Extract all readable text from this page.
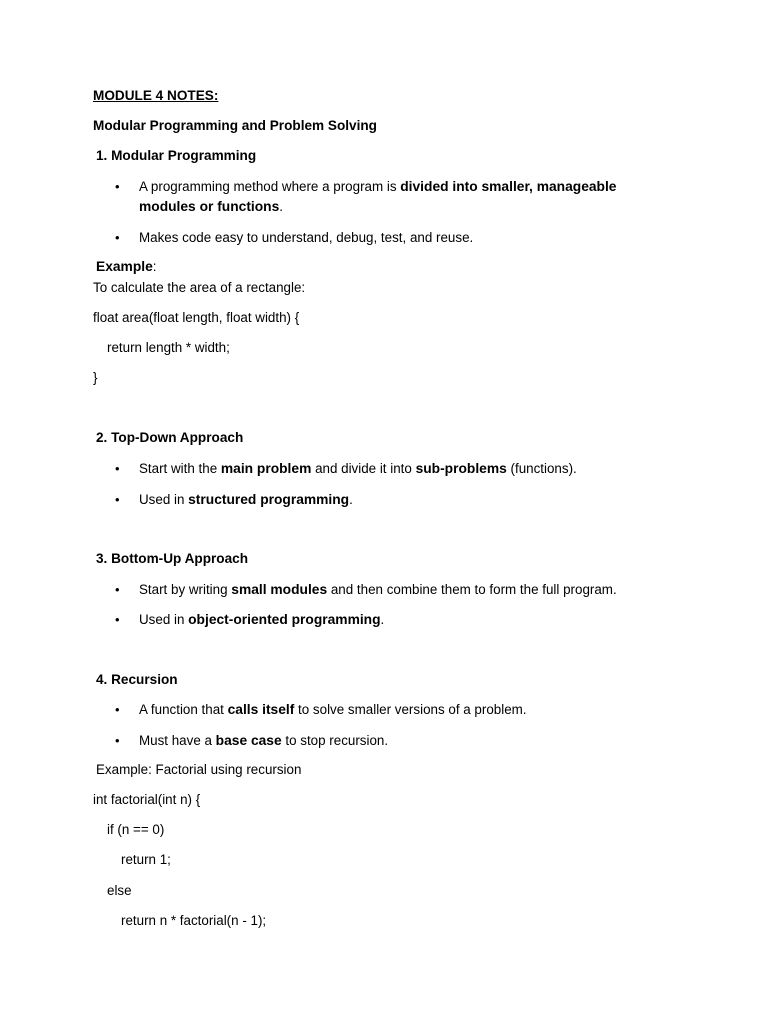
MODULE 4 NOTES:
Modular Programming and Problem Solving
1. Modular Programming
•	A programming method where a program is divided into smaller, manageable modules or functions.
•	Makes code easy to understand, debug, test, and reuse.
Example:
To calculate the area of a rectangle:
float area(float length, float width) {
return length * width;
}
2. Top-Down Approach
•	Start with the main problem and divide it into sub-problems (functions).
•	Used in structured programming.
3. Bottom-Up Approach
•	Start by writing small modules and then combine them to form the full program.
•	Used in object-oriented programming.
4. Recursion
•	A function that calls itself to solve smaller versions of a problem.
•	Must have a base case to stop recursion.
Example: Factorial using recursion
int factorial(int n) {
if (n == 0)
return 1;
else
return n * factorial(n - 1);
